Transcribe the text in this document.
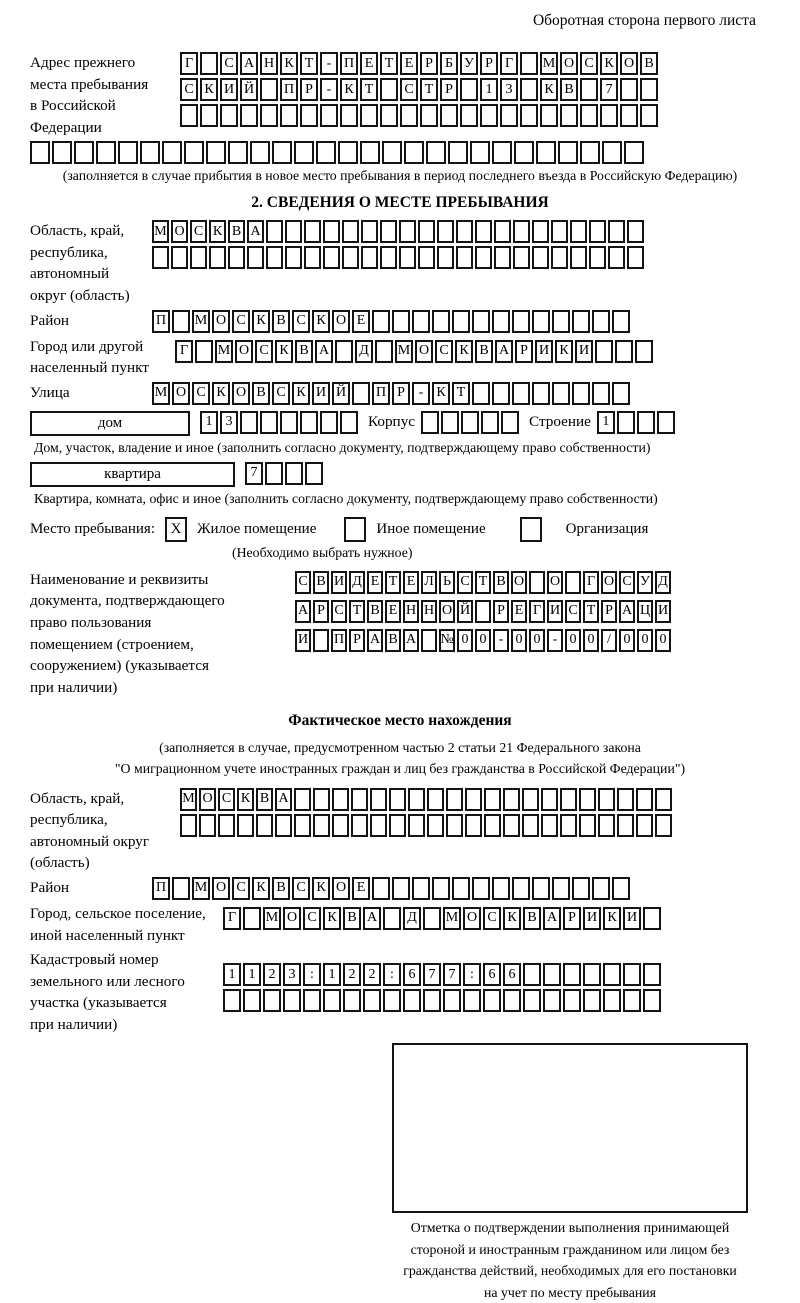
Оборотная сторона первого листа
Адрес прежнего
места пребывания
в Российской
Федерации
Г	С А Н К Т - П Е Т Е Р Б У Р Г	М О С К О В
С К И Й П Р - К Т	С Т Р	1 3	К В	7
(заполняется в случае прибытия в новое место пребывания в период последнего въезда в Российскую Федерацию)
2. СВЕДЕНИЯ О МЕСТЕ ПРЕБЫВАНИЯ
Область, край,
республика,
автономный
округ (область)
М О С К В А
Район	П М О С К В С К О Е
Город или другой
населенный пункт
Г	М О С К В А	Д	М О С К В А Р И К И
Улица	М О С К О В С К И Й П Р - К Т
дом	1 3	Корпус	Строение 1
Дом, участок, владение и иное (заполнить согласно документу, подтверждающему право собственности)
квартира	7
Квартира, комната, офис и иное (заполнить согласно документу, подтверждающему право собственности)
Место пребывания:	X	Жилое помещение	Иное помещение	Организация
(Необходимо выбрать нужное)
Наименование и реквизиты
документа, подтверждающего
право пользования
помещением (строением,
сооружением) (указывается
при наличии)
С В И Д Е Т Е Л Ь С Т В О О Г О С У Д
А Р С Т В Е Н Н О Й Р Е Г И С Т Р А Ц И
И П Р А В А № 0 0 - 0 0 - 0 0 / 0 0 0
Фактическое место нахождения
(заполняется в случае, предусмотренном частью 2 статьи 21 Федерального закона
"О миграционном учете иностранных граждан и лиц без гражданства в Российской Федерации")
Область, край,
республика,
автономный округ
(область)
М О С К В А
Район	П М О С К В С К О Е
Город, сельское поселение,
иной населенный пункт
Г	М О С К В А	Д	М О С К В А Р И К И
Кадастровый номер
земельного или лесного
участка (указывается
при наличии)
1 1 2 3	:	1 2 2	:	6 7 7	:	6 6
Отметка о подтверждении выполнения принимающей
стороной и иностранным гражданином или лицом без
гражданства действий, необходимых для его постановки
на учет по месту пребывания
